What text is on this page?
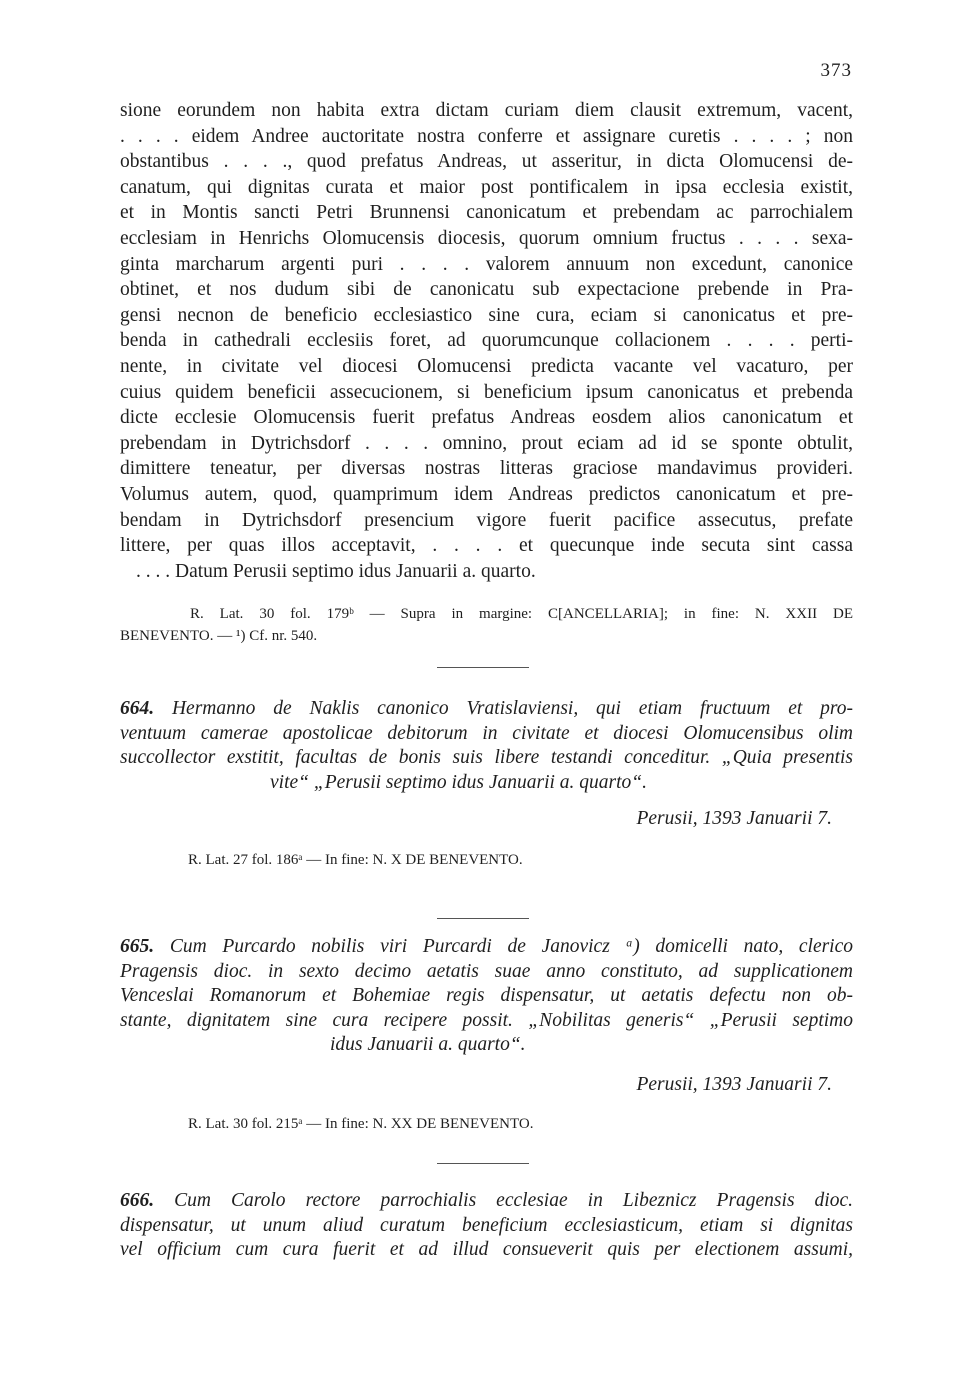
373
sione eorundem non habita extra dictam curiam diem clausit extremum, vacent,
. . . . eidem Andree auctoritate nostra conferre et assignare curetis . . . . ; non
obstantibus . . . ., quod prefatus Andreas, ut asseritur, in dicta Olomucensi de-
canatum, qui dignitas curata et maior post pontificalem in ipsa ecclesia existit,
et in Montis sancti Petri Brunnensi canonicatum et prebendam ac parrochialem
ecclesiam in Henrichs Olomucensis diocesis, quorum omnium fructus . . . . sexa-
ginta marcharum argenti puri . . . . valorem annuum non excedunt, canonice
obtinet, et nos dudum sibi de canonicatu sub expectacione prebende in Pra-
gensi necnon de beneficio ecclesiastico sine cura, eciam si canonicatus et pre-
benda in cathedrali ecclesiis foret, ad quorumcunque collacionem . . . . perti-
nente, in civitate vel diocesi Olomucensi predicta vacante vel vacaturo, per
cuius quidem beneficii assecucionem, si beneficium ipsum canonicatus et prebenda
dicte ecclesie Olomucensis fuerit prefatus Andreas eosdem alios canonicatum et
prebendam in Dytrichsdorf . . . . omnino, prout eciam ad id se sponte obtulit,
dimittere teneatur, per diversas nostras litteras graciose mandavimus provideri.
Volumus autem, quod, quamprimum idem Andreas predictos canonicatum et pre-
bendam in Dytrichsdorf presencium vigore fuerit pacifice assecutus, prefate
littere, per quas illos acceptavit, . . . . et quecunque inde secuta sint cassa
. . . . Datum Perusii septimo idus Januarii a. quarto.
R. Lat. 30 fol. 179ᵇ — Supra in margine: C[ANCELLARIA]; in fine: N. XXII DE
BENEVENTO. — ¹) Cf. nr. 540.
664. Hermanno de Naklis canonico Vratislaviensi, qui etiam fructuum et pro-
ventuum camerae apostolicae debitorum in civitate et diocesi Olomucensibus olim
succollector exstitit, facultas de bonis suis libere testandi conceditur. „Quia presentis
vite“ „Perusii septimo idus Januarii a. quarto“.
Perusii, 1393 Januarii 7.
R. Lat. 27 fol. 186ᵃ — In fine: N. X DE BENEVENTO.
665. Cum Purcardo nobilis viri Purcardi de Janovicz ᵃ) domicelli nato, clerico
Pragensis dioc. in sexto decimo aetatis suae anno constituto, ad supplicationem
Venceslai Romanorum et Bohemiae regis dispensatur, ut aetatis defectu non ob-
stante, dignitatem sine cura recipere possit. „Nobilitas generis“ „Perusii septimo
idus Januarii a. quarto“.
Perusii, 1393 Januarii 7.
R. Lat. 30 fol. 215ᵃ — In fine: N. XX DE BENEVENTO.
666. Cum Carolo rectore parrochialis ecclesiae in Libeznicz Pragensis dioc.
dispensatur, ut unum aliud curatum beneficium ecclesiasticum, etiam si dignitas
vel officium cum cura fuerit et ad illud consueverit quis per electionem assumi,
